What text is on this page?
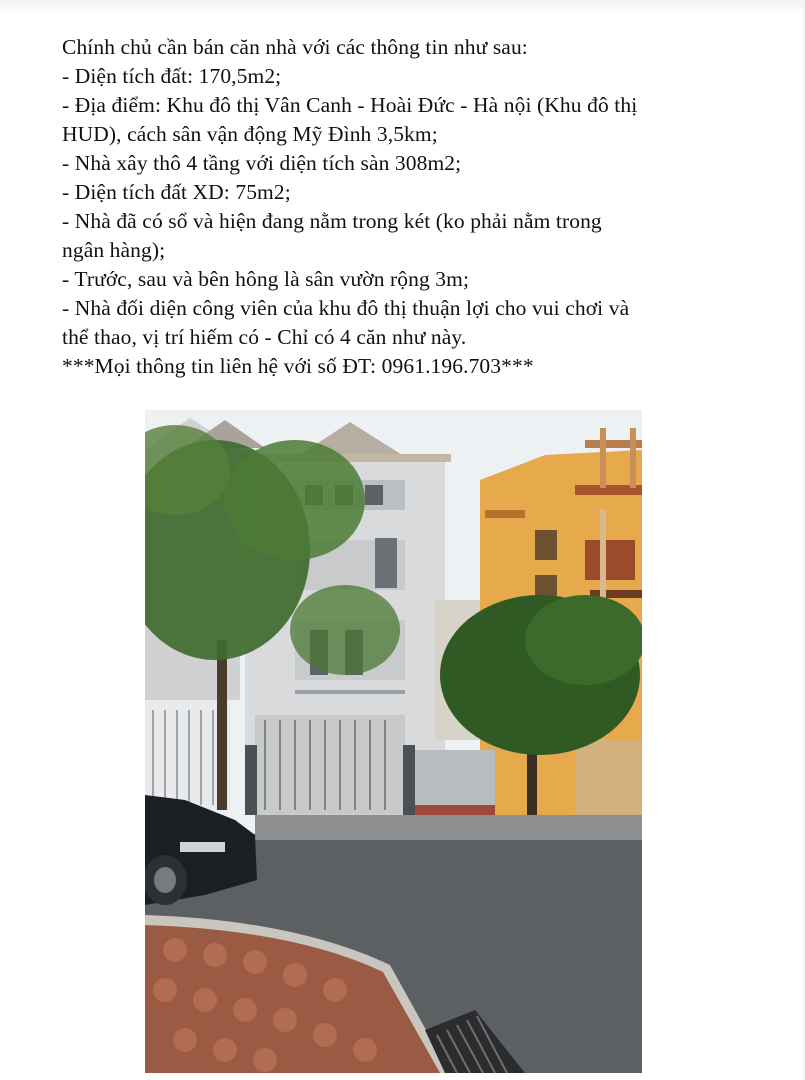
Chính chủ cần bán căn nhà với các thông tin như sau:
- Diện tích đất: 170,5m2;
- Địa điểm: Khu đô thị Vân Canh - Hoài Đức - Hà nội (Khu đô thị
HUD), cách sân vận động Mỹ Đình 3,5km;
- Nhà xây thô 4 tầng với diện tích sàn 308m2;
- Diện tích đất XD: 75m2;
- Nhà đã có sổ và hiện đang nằm trong két (ko phải nằm trong
ngân hàng);
- Trước, sau và bên hông là sân vườn rộng 3m;
- Nhà đối diện công viên của khu đô thị thuận lợi cho vui chơi và
thể thao, vị trí hiếm có - Chỉ có 4 căn như này.
***Mọi thông tin liên hệ với số ĐT: 0961.196.703***
